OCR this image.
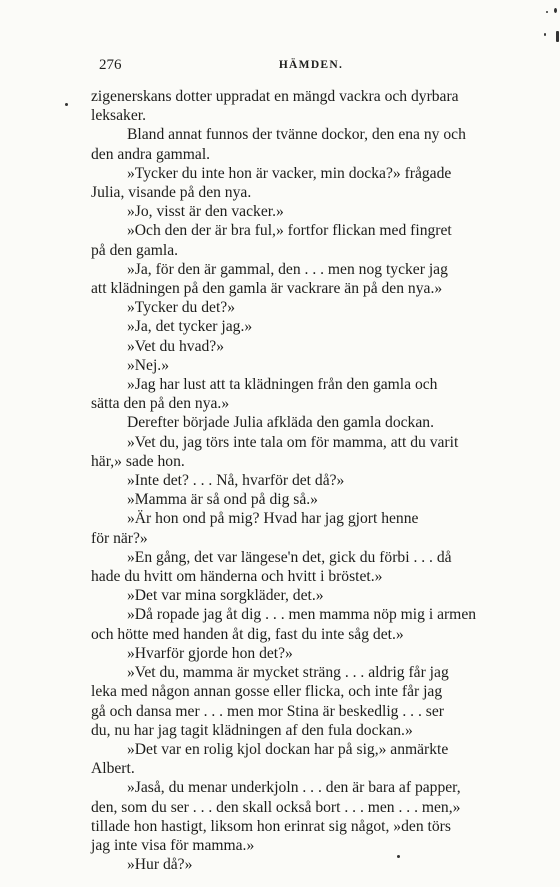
276	HÄMDEN.

zigenerskans dotter uppradat en mängd vackra och dyrbara
leksaker.

Bland annat funnos der tvänne dockor, den ena ny och
den andra gammal.

»Tycker du inte hon är vacker, min docka?» frågade
Julia, visande på den nya.

»Jo, visst är den vacker.»

»Och den der är bra ful,» fortfor flickan med fingret
på den gamla.

»Ja, för den är gammal, den . . . men nog tycker jag
att klädningen på den gamla är vackrare än på den nya.»

»Tycker du det?»

»Ja, det tycker jag.»

»Vet du hvad?»

»Nej.»

»Jag har lust att ta klädningen från den gamla och
sätta den på den nya.»

Derefter började Julia afkläda den gamla dockan.

»Vet du, jag törs inte tala om för mamma, att du varit
här,» sade hon.

»Inte det? . . . Nå, hvarför det då?»

»Mamma är så ond på dig så.»

»Är hon ond på mig? Hvad har jag gjort henne
för när?»

»En gång, det var längese'n det, gick du förbi . . . då
hade du hvitt om händerna och hvitt i bröstet.»

»Det var mina sorgkläder, det.»

»Då ropade jag åt dig . . . men mamma nöp mig i armen
och hötte med handen åt dig, fast du inte såg det.»

»Hvarför gjorde hon det?»

»Vet du, mamma är mycket sträng . . . aldrig får jag
leka med någon annan gosse eller flicka, och inte får jag
gå och dansa mer . . . men mor Stina är beskedlig . . . ser
du, nu har jag tagit klädningen af den fula dockan.»

»Det var en rolig kjol dockan har på sig,» anmärkte
Albert.

»Jaså, du menar underkjoln . . . den är bara af papper,
den, som du ser . . . den skall också bort . . . men . . . men,»
tillade hon hastigt, liksom hon erinrat sig något, »den törs
jag inte visa för mamma.»

»Hur då?»
